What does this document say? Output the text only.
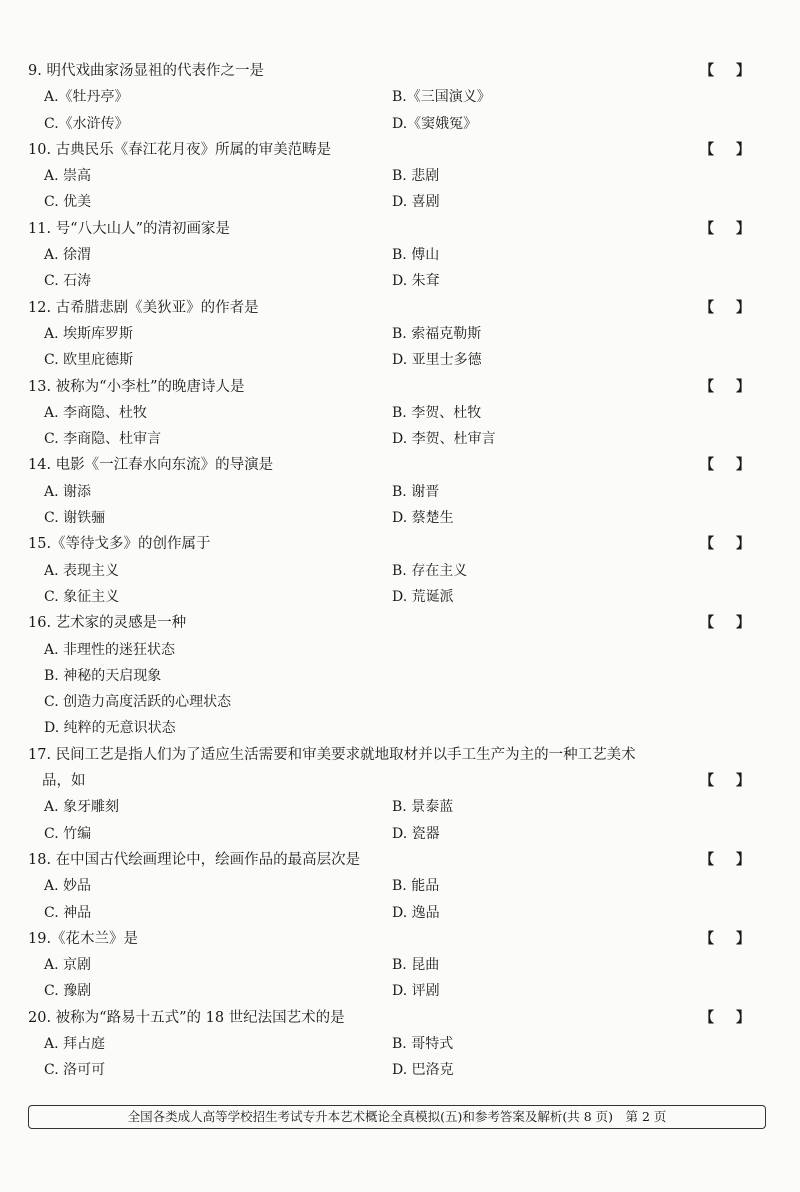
9. 明代戏曲家汤显祖的代表作之一是	【 】
A.《牡丹亭》	B.《三国演义》
C.《水浒传》	D.《窦娥冤》
10. 古典民乐《春江花月夜》所属的审美范畴是	【 】
A. 崇高	B. 悲剧
C. 优美	D. 喜剧
11. 号“八大山人”的清初画家是	【 】
A. 徐渭	B. 傅山
C. 石涛	D. 朱耷
12. 古希腊悲剧《美狄亚》的作者是	【 】
A. 埃斯库罗斯	B. 索福克勒斯
C. 欧里庇德斯	D. 亚里士多德
13. 被称为“小李杜”的晚唐诗人是	【 】
A. 李商隐、杜牧	B. 李贺、杜牧
C. 李商隐、杜审言	D. 李贺、杜审言
14. 电影《一江春水向东流》的导演是	【 】
A. 谢添	B. 谢晋
C. 谢铁骊	D. 蔡楚生
15.《等待戈多》的创作属于	【 】
A. 表现主义	B. 存在主义
C. 象征主义	D. 荒诞派
16. 艺术家的灵感是一种	【 】
A. 非理性的迷狂状态
B. 神秘的天启现象
C. 创造力高度活跃的心理状态
D. 纯粹的无意识状态
17. 民间工艺是指人们为了适应生活需要和审美要求就地取材并以手工生产为主的一种工艺美术
品，如	【 】
A. 象牙雕刻	B. 景泰蓝
C. 竹编	D. 瓷器
18. 在中国古代绘画理论中，绘画作品的最高层次是	【 】
A. 妙品	B. 能品
C. 神品	D. 逸品
19.《花木兰》是	【 】
A. 京剧	B. 昆曲
C. 豫剧	D. 评剧
20. 被称为“路易十五式”的 18 世纪法国艺术的是	【 】
A. 拜占庭	B. 哥特式
C. 洛可可	D. 巴洛克
全国各类成人高等学校招生考试专升本艺术概论全真模拟(五)和参考答案及解析(共 8 页)　第 2 页
